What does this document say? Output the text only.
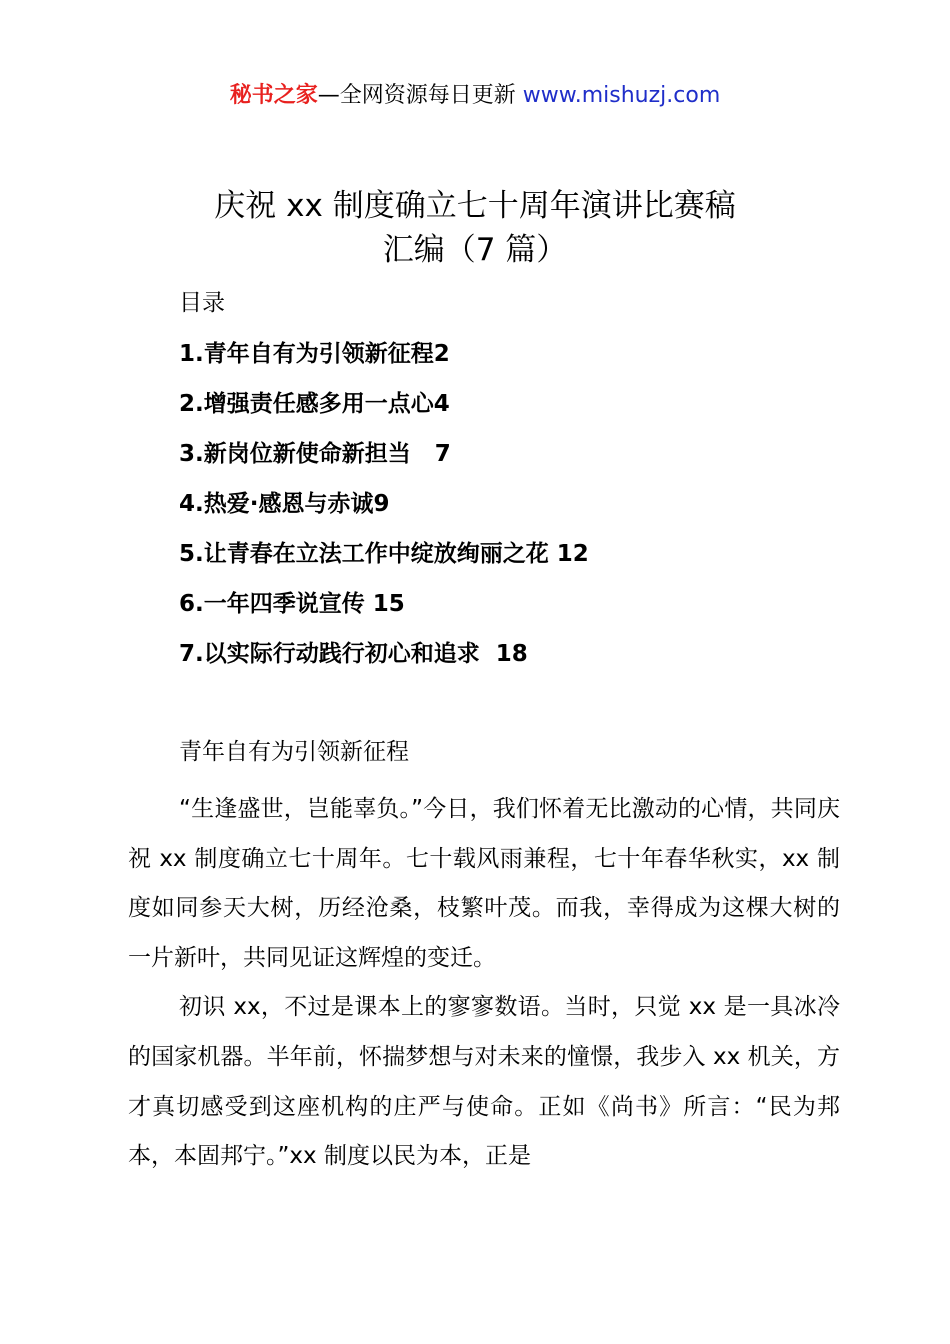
秘书之家—全网资源每日更新 www.mishuzj.com
庆祝 xx 制度确立七十周年演讲比赛稿
汇编（7 篇）
目录
1.青年自有为引领新征程2
2.增强责任感多用一点心4
3.新岗位新使命新担当   7
4.热爱·感恩与赤诚9
5.让青春在立法工作中绽放绚丽之花 12
6.一年四季说宣传 15
7.以实际行动践行初心和追求  18
青年自有为引领新征程

“生逢盛世，岂能辜负。”今日，我们怀着无比激动的心情，共同庆祝 xx 制度确立七十周年。七十载风雨兼程，七十年春华秋实，xx 制度如同参天大树，历经沧桑，枝繁叶茂。而我，幸得成为这棵大树的一片新叶，共同见证这辉煌的变迁。

初识 xx，不过是课本上的寥寥数语。当时，只觉 xx 是一具冰冷的国家机器。半年前，怀揣梦想与对未来的憧憬，我步入 xx 机关，方才真切感受到这座机构的庄严与使命。正如《尚书》所言：“民为邦本，本固邦宁。”xx 制度以民为本，正是
